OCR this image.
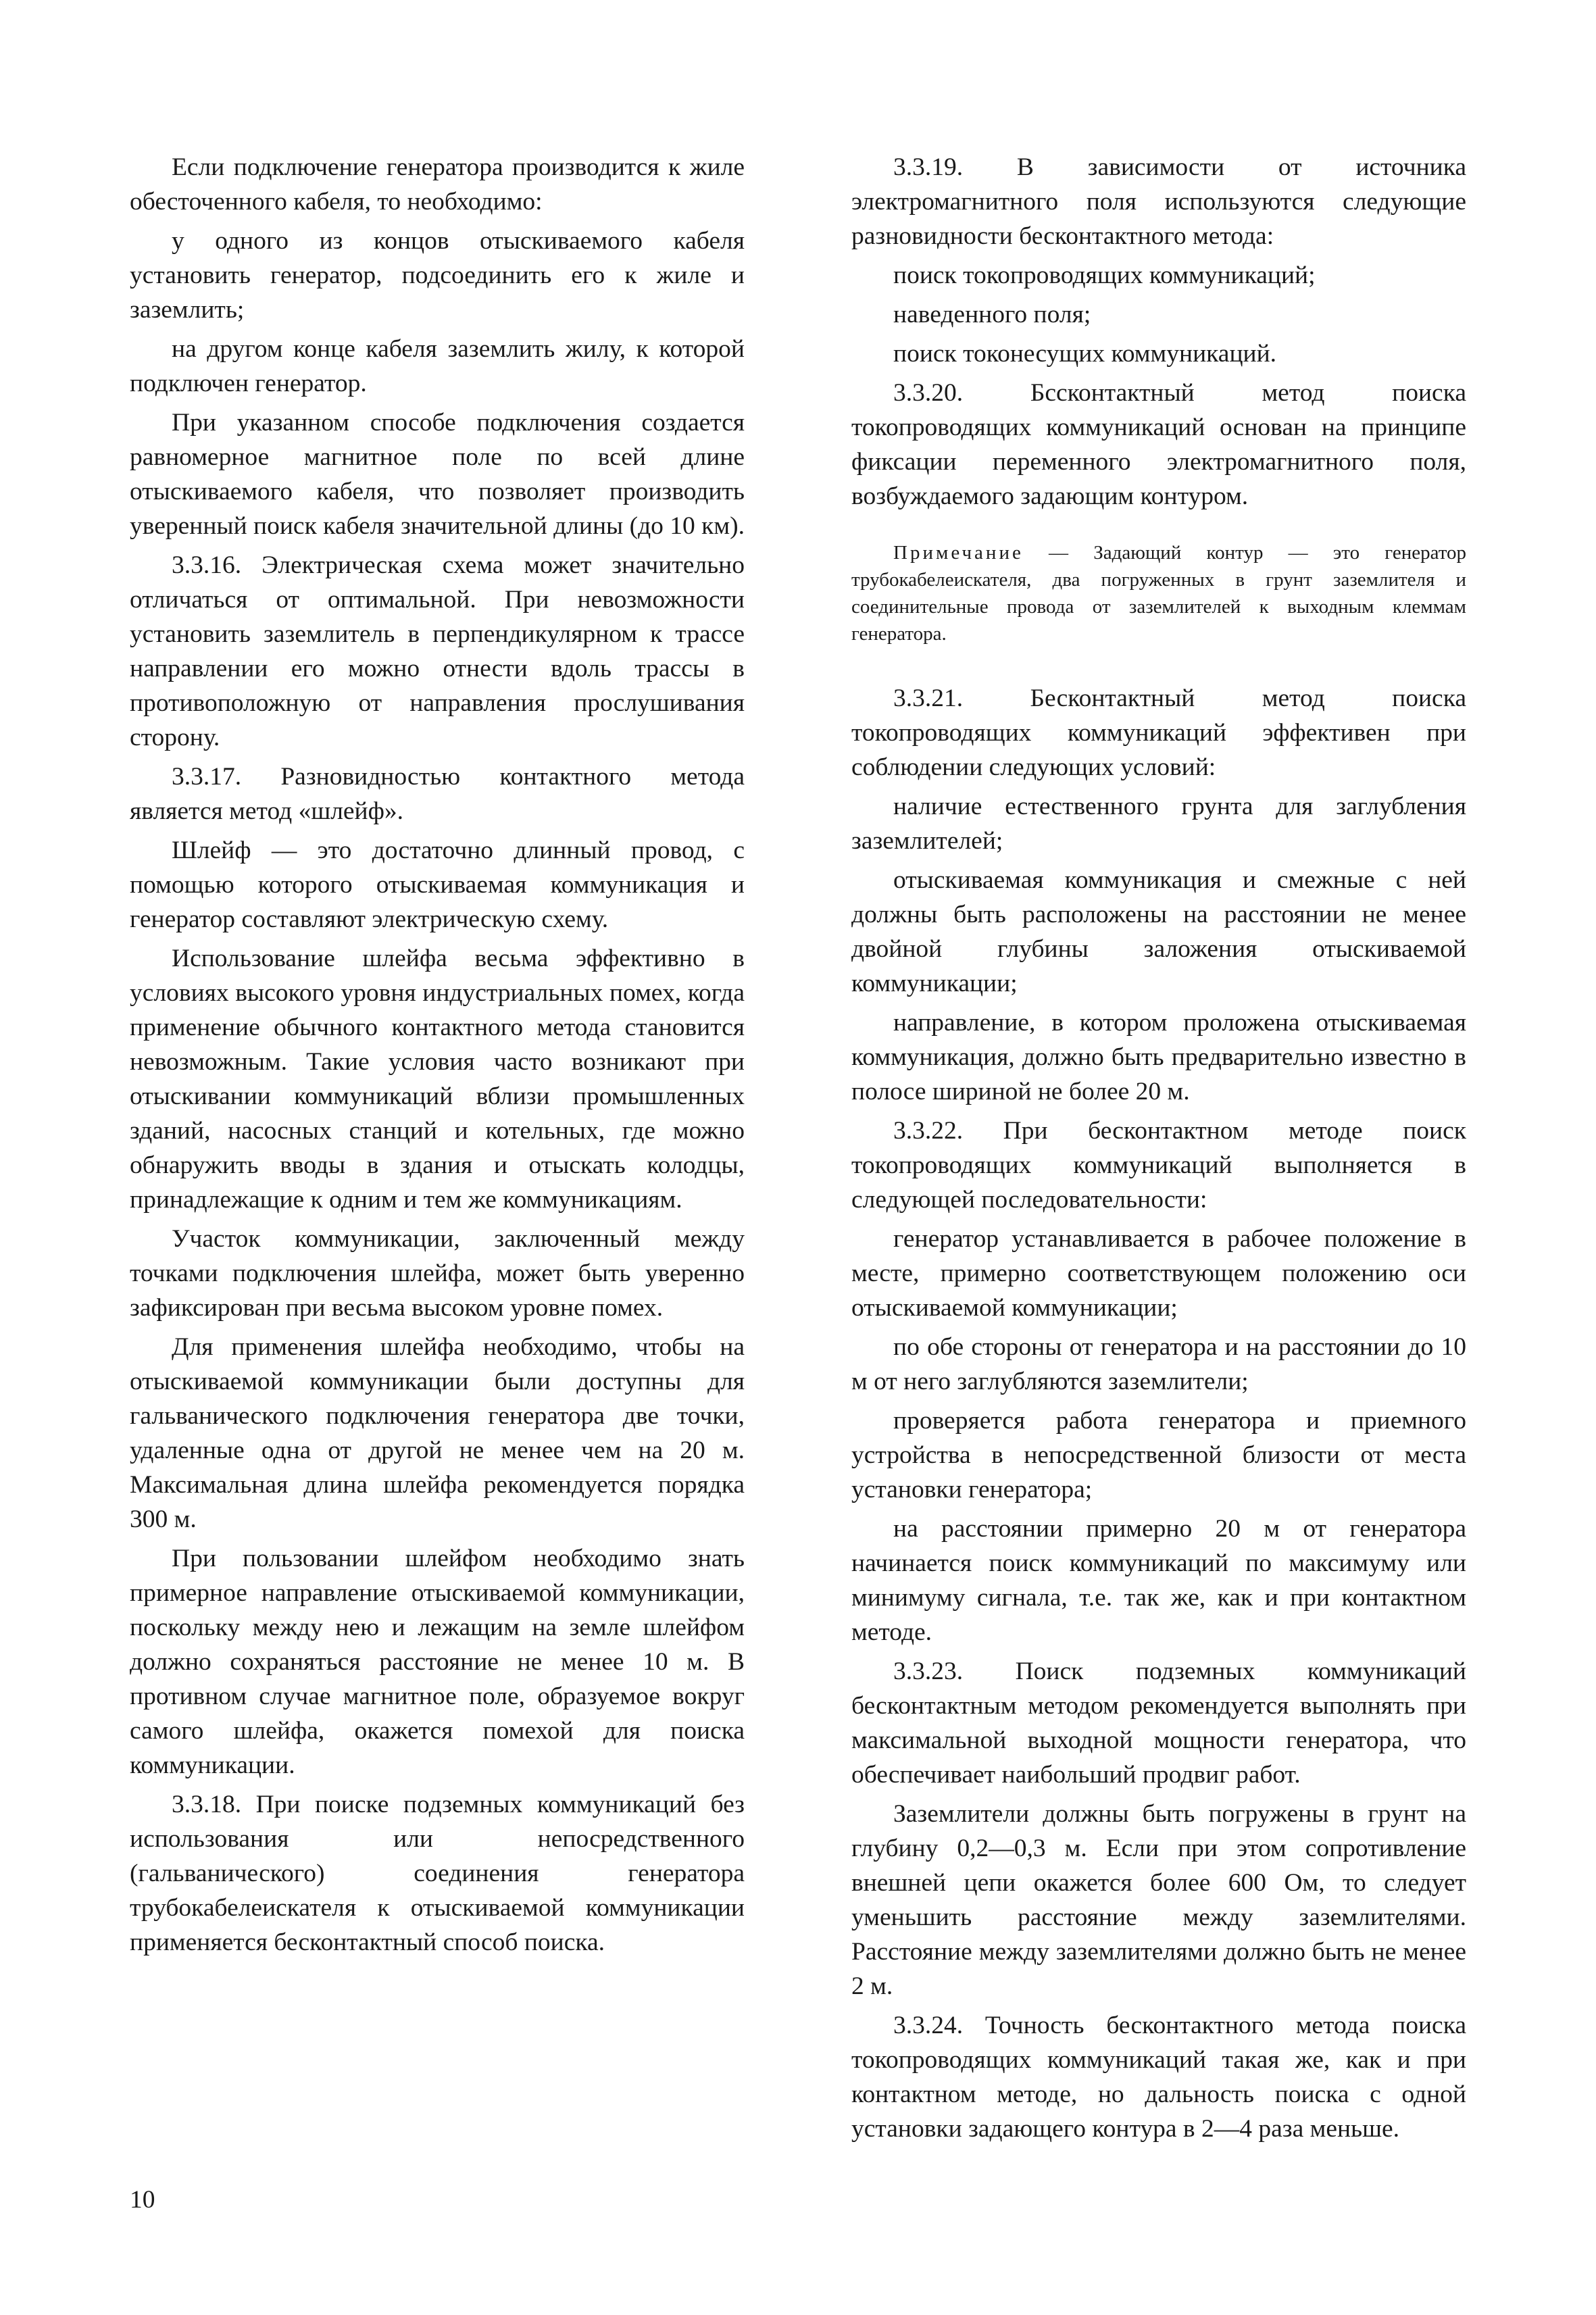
Если подключение генератора производится к жиле обесточенного кабеля, то необходимо:

у одного из концов отыскиваемого кабеля установить генератор, подсоединить его к жиле и заземлить;

на другом конце кабеля заземлить жилу, к которой подключен генератор.

При указанном способе подключения создается равномерное магнитное поле по всей длине отыскиваемого кабеля, что позволяет производить уверенный поиск кабеля значительной длины (до 10 км).

3.3.16. Электрическая схема может значительно отличаться от оптимальной. При невозможности установить заземлитель в перпендикулярном к трассе направлении его можно отнести вдоль трассы в противоположную от направления прослушивания сторону.

3.3.17. Разновидностью контактного метода является метод «шлейф».

Шлейф — это достаточно длинный провод, с помощью которого отыскиваемая коммуникация и генератор составляют электрическую схему.

Использование шлейфа весьма эффективно в условиях высокого уровня индустриальных помех, когда применение обычного контактного метода становится невозможным. Такие условия часто возникают при отыскивании коммуникаций вблизи промышленных зданий, насосных станций и котельных, где можно обнаружить вводы в здания и отыскать колодцы, принадлежащие к одним и тем же коммуникациям.

Участок коммуникации, заключенный между точками подключения шлейфа, может быть уверенно зафиксирован при весьма высоком уровне помех.

Для применения шлейфа необходимо, чтобы на отыскиваемой коммуникации были доступны для гальванического подключения генератора две точки, удаленные одна от другой не менее чем на 20 м. Максимальная длина шлейфа рекомендуется порядка 300 м.

При пользовании шлейфом необходимо знать примерное направление отыскиваемой коммуникации, поскольку между нею и лежащим на земле шлейфом должно сохраняться расстояние не менее 10 м. В противном случае магнитное поле, образуемое вокруг самого шлейфа, окажется помехой для поиска коммуникации.

3.3.18. При поиске подземных коммуникаций без использования или непосредственного (гальванического) соединения генератора трубокабелеискателя к отыскиваемой коммуникации применяется бесконтактный способ поиска.

3.3.19. В зависимости от источника электромагнитного поля используются следующие разновидности бесконтактного метода:

поиск токопроводящих коммуникаций;

наведенного поля;

поиск токонесущих коммуникаций.

3.3.20. Бсcконтактный метод поиска токопроводящих коммуникаций основан на принципе фиксации переменного электромагнитного поля, возбуждаемого задающим контуром.

Примечание — Задающий контур — это генератор трубокабелеискателя, два погруженных в грунт заземлителя и соединительные провода от заземлителей к выходным клеммам генератора.

3.3.21. Бесконтактный метод поиска токопроводящих коммуникаций эффективен при соблюдении следующих условий:

наличие естественного грунта для заглубления заземлителей;

отыскиваемая коммуникация и смежные с ней должны быть расположены на расстоянии не менее двойной глубины заложения отыскиваемой коммуникации;

направление, в котором проложена отыскиваемая коммуникация, должно быть предварительно известно в полосе шириной не более 20 м.

3.3.22. При бесконтактном методе поиск токопроводящих коммуникаций выполняется в следующей последовательности:

генератор устанавливается в рабочее положение в месте, примерно соответствующем положению оси отыскиваемой коммуникации;

по обе стороны от генератора и на расстоянии до 10 м от него заглубляются заземлители;

проверяется работа генератора и приемного устройства в непосредственной близости от места установки генератора;

на расстоянии примерно 20 м от генератора начинается поиск коммуникаций по максимуму или минимуму сигнала, т.е. так же, как и при контактном методе.

3.3.23. Поиск подземных коммуникаций бесконтактным методом рекомендуется выполнять при максимальной выходной мощности генератора, что обеспечивает наибольший продвиг работ.

Заземлители должны быть погружены в грунт на глубину 0,2—0,3 м. Если при этом сопротивление внешней цепи окажется более 600 Ом, то следует уменьшить расстояние между заземлителями. Расстояние между заземлителями должно быть не менее 2 м.

3.3.24. Точность бесконтактного метода поиска токопроводящих коммуникаций такая же, как и при контактном методе, но дальность поиска с одной установки задающего контура в 2—4 раза меньше.

10
